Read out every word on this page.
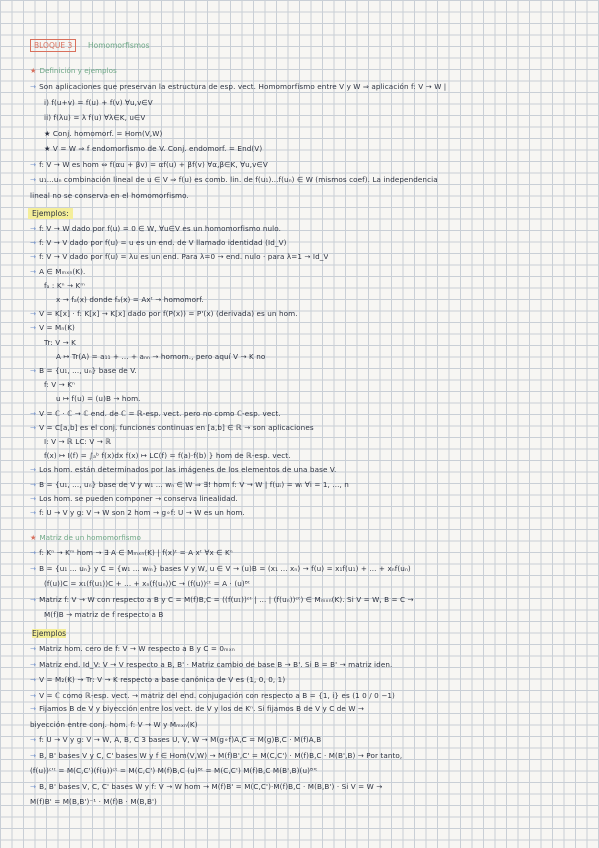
BLOQUE 3	Homomorfismos
★ Definición y ejemplos
→ Son aplicaciones que preservan la estructura de esp. vect. Homomorfismo entre V y W ⇒ aplicación f: V → W |
i) f(u+v) = f(u) + f(v) ∀u,v∈V
ii) f(λu) = λ f(u) ∀λ∈K, u∈V
★ Conj. homomorf. = Hom(V,W)
★ V = W ⇒ f endomorfismo de V. Conj. endomorf. = End(V)
→ f: V → W es hom ⇔ f(αu + βv) = αf(u) + βf(v) ∀α,β∈K, ∀u,v∈V
→ u₁...uₙ combinación lineal de u ∈ V ⇒ f(u) es comb. lin. de f(u₁)...f(uₙ) ∈ W (mismos coef). La independencia
lineal no se conserva en el homomorfismo.
Ejemplos:
→ f: V → W dado por f(u) = 0 ∈ W, ∀u∈V es un homomorfismo nulo.
→ f: V → V dado por f(u) = u es un end. de V llamado identidad (Id_V)
→ f: V → V dado por f(u) = λu es un end. Para λ=0 → end. nulo · para λ=1 → Id_V
→ A ∈ Mₘₓₙ(K).
fₐ : Kⁿ → Kᵐ
x → fₐ(x) donde fₐ(x) = Axᵗ → homomorf.
→ V = K[x] · f: K[x] → K[x] dado por f(P(x)) = P'(x) (derivada) es un hom.
→ V = Mₙ(K)
Tr: V → K
A ↦ Tr(A) = a₁₁ + ... + aₙₙ → homom., pero aquí V → K no
→ B = {u₁, ..., uₙ} base de V.
f: V → Kⁿ
u ↦ f(u) = (u)B → hom.
→ V = ℂ · ℂ → ℂ end. de ℂ = ℝ-esp. vect. pero no como ℂ-esp. vect.
→ V = C[a,b] es el conj. funciones continuas en [a,b] ∈ ℝ → son aplicaciones
I: V → ℝ LC: V → ℝ
f(x) ↦ I(f) = ∫ₐᵇ f(x)dx f(x) ↦ LC(f) = f(a)·f(b) } hom de ℝ-esp. vect.
→ Los hom. están determinados por las imágenes de los elementos de una base V.
→ B = {u₁, ..., uₙ} base de V y w₁ ... wₙ ∈ W ⇒ ∃! hom f: V → W | f(uᵢ) = wᵢ ∀i = 1, ..., n
→ Los hom. se pueden componer → conserva linealidad.
→ f: U → V y g: V → W son 2 hom → g∘f: U → W es un hom.
★ Matriz de un homomorfismo
→ f: Kⁿ → Kᵐ hom → ∃ A ∈ Mₘₓₙ(K) | f(x)ᵗ = A xᵗ ∀x ∈ Kⁿ
→ B = {u₁ ... uₙ} y C = {w₁ ... wₘ} bases V y W, u ∈ V → (u)B = (x₁ ... xₙ) → f(u) = x₁f(u₁) + ... + xₙf(uₙ)
(f(u))C = x₁(f(u₁))C + ... + xₙ(f(uₙ))C → (f(u))ᶜᵗ = A · (u)ᴮᵗ
→ Matriz f: V → W con respecto a B y C = M(f)B,C = ((f(u₁))ᶜᵗ | ... | (f(uₙ))ᶜᵗ) ∈ Mₘₓₙ(K). Si V = W, B = C →
M(f)B → matriz de f respecto a B
Ejemplos
→ Matriz hom. cero de f: V → W respecto a B y C = 0ₘₓₙ
→ Matriz end. Id_V: V → V respecto a B, B' · Matriz cambio de base B → B'. Si B = B' → matriz iden.
→ V = M₂(K) → Tr: V → K respecto a base canónica de V es (1, 0, 0, 1)
→ V = ℂ como ℝ-esp. vect. → matriz del end. conjugación con respecto a B = {1, i} es (1 0 / 0 −1)
→ Fijamos B de V y biyección entre los vect. de V y los de Kⁿ. Si fijamos B de V y C de W →
biyección entre conj. hom. f: V → W y Mₘₓₙ(K)
→ f: U → V y g: V → W, A, B, C 3 bases U, V, W → M(g∘f)A,C = M(g)B,C · M(f)A,B
→ B, B' bases V y C, C' bases W y f ∈ Hom(V,W) → M(f)B',C' = M(C,C') · M(f)B,C · M(B',B) → Por tanto,
(f(u))ᶜ'ᵗ = M(C,C')(f(u))ᶜᵗ = M(C,C') M(f)B,C (u)ᴮᵗ = M(C,C') M(f)B,C M(B',B)(u)ᴮ'ᵗ
→ B, B' bases V, C, C' bases W y f: V → W hom → M(f)B' = M(C,C')·M(f)B,C · M(B,B') · Si V = W →
M(f)B' = M(B,B')⁻¹ · M(f)B · M(B,B')
